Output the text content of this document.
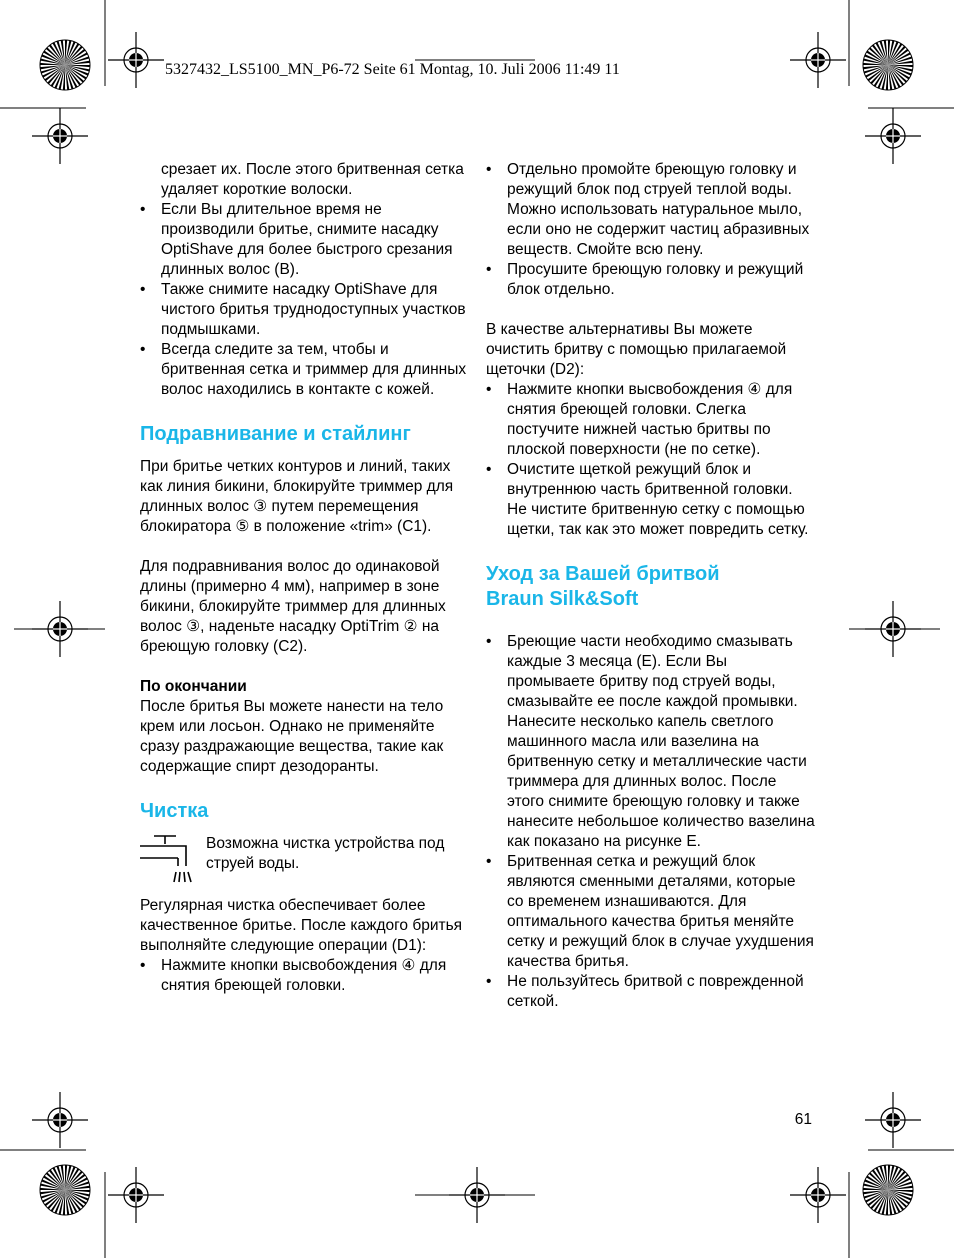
5327432_LS5100_MN_P6-72 Seite 61 Montag, 10. Juli 2006 11:49 11

срезает их. После этого бритвенная сетка удаляет короткие волоски.

• Если Вы длительное время не производили бритье, снимите насадку OptiShave для более быстрого срезания длинных волос (B).
• Также снимите насадку OptiShave для чистого бритья труднодоступных участков подмышками.
• Всегда следите за тем, чтобы и бритвенная сетка и триммер для длинных волос находились в контакте с кожей.
Подравнивание и стайлинг

При бритье четких контуров и линий, таких как линия бикини, блокируйте триммер для длинных волос ③ путем перемещения блокиратора ⑤ в положение «trim» (C1).

Для подравнивания волос до одинаковой длины (примерно 4 мм), например в зоне бикини, блокируйте триммер для длинных волос ③, наденьте насадку OptiTrim ② на бреющую головку (C2).

По окончании

После бритья Вы можете нанести на тело крем или лосьон. Однако не применяйте сразу раздражающие вещества, такие как содержащие спирт дезодоранты.

Чистка

Возможна чистка устройства под струей воды.

Регулярная чистка обеспечивает более качественное бритье. После каждого бритья выполняйте следующие операции (D1):

• Нажмите кнопки высвобождения ④ для снятия бреющей головки.
• Отдельно промойте бреющую головку и режущий блок под струей теплой воды. Можно использовать натуральное мыло, если оно не содержит частиц абразивных веществ. Смойте всю пену.
• Просушите бреющую головку и режущий блок отдельно.

В качестве альтернативы Вы можете очистить бритву с помощью прилагаемой щеточки (D2):

• Нажмите кнопки высвобождения ④ для снятия бреющей головки. Слегка постучите нижней частью бритвы по плоской поверхности (не по сетке).
• Очистите щеткой режущий блок и внутреннюю часть бритвенной головки. Не чистите бритвенную сетку с помощью щетки, так как это может повредить сетку.
Уход за Вашей бритвой
Braun Silk&Soft
• Бреющие части необходимо смазывать каждые 3 месяца (E). Если Вы промываете бритву под струей воды, смазывайте ее после каждой промывки. Нанесите несколько капель светлого машинного масла или вазелина на бритвенную сетку и металлические части триммера для длинных волос. После этого снимите бреющую головку и также нанесите небольшое количество вазелина как показано на рисунке E.
• Бритвенная сетка и режущий блок являются сменными деталями, которые со временем изнашиваются. Для оптимального качества бритья меняйте сетку и режущий блок в случае ухудшения качества бритья.
• Не пользуйтесь бритвой с поврежденной сеткой.
61
